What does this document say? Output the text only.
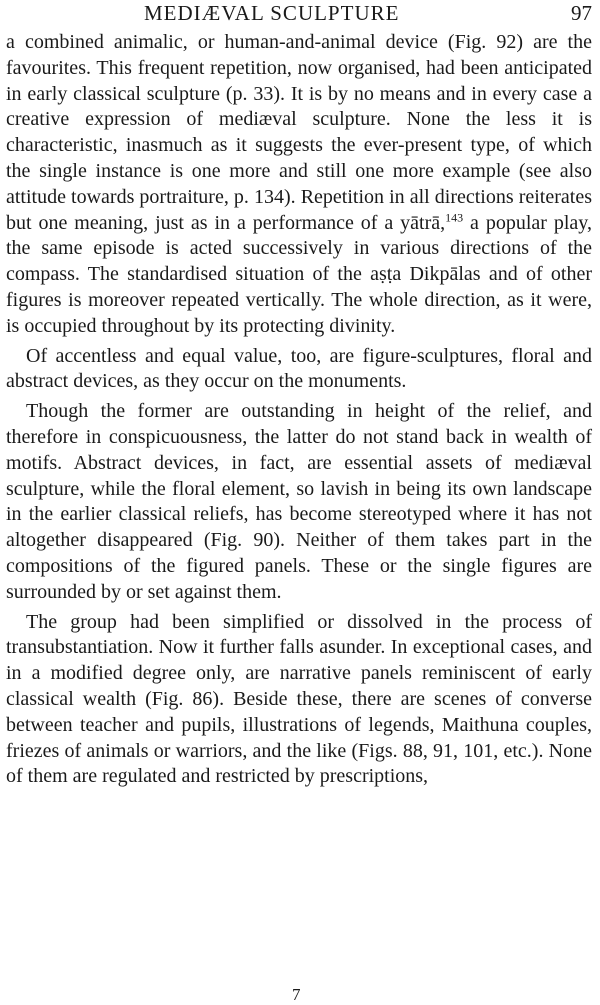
MEDIÆVAL SCULPTURE	97

a combined animalic, or human-and-animal device (Fig. 92) are the favourites. This frequent repetition, now organised, had been anticipated in early classical sculpture (p. 33). It is by no means and in every case a creative expression of mediæval sculpture. None the less it is characteristic, inasmuch as it suggests the ever-present type, of which the single instance is one more and still one more example (see also attitude towards portraiture, p. 134). Repetition in all directions reiterates but one meaning, just as in a performance of a yātrā,$^{143}$ a popular play, the same episode is acted successively in various directions of the compass. The standardised situation of the aṣṭa Dikpālas and of other figures is moreover repeated vertically. The whole direction, as it were, is occupied throughout by its protecting divinity.

Of accentless and equal value, too, are figure-sculptures, floral and abstract devices, as they occur on the monuments.

Though the former are outstanding in height of the relief, and therefore in conspicuousness, the latter do not stand back in wealth of motifs. Abstract devices, in fact, are essential assets of mediæval sculpture, while the floral element, so lavish in being its own landscape in the earlier classical reliefs, has become stereotyped where it has not altogether disappeared (Fig. 90). Neither of them takes part in the compositions of the figured panels. These or the single figures are surrounded by or set against them.

The group had been simplified or dissolved in the process of transubstantiation. Now it further falls asunder. In exceptional cases, and in a modified degree only, are narrative panels reminiscent of early classical wealth (Fig. 86). Beside these, there are scenes of converse between teacher and pupils, illustrations of legends, Maithuna couples, friezes of animals or warriors, and the like (Figs. 88, 91, 101, etc.). None of them are regulated and restricted by prescriptions,

7
